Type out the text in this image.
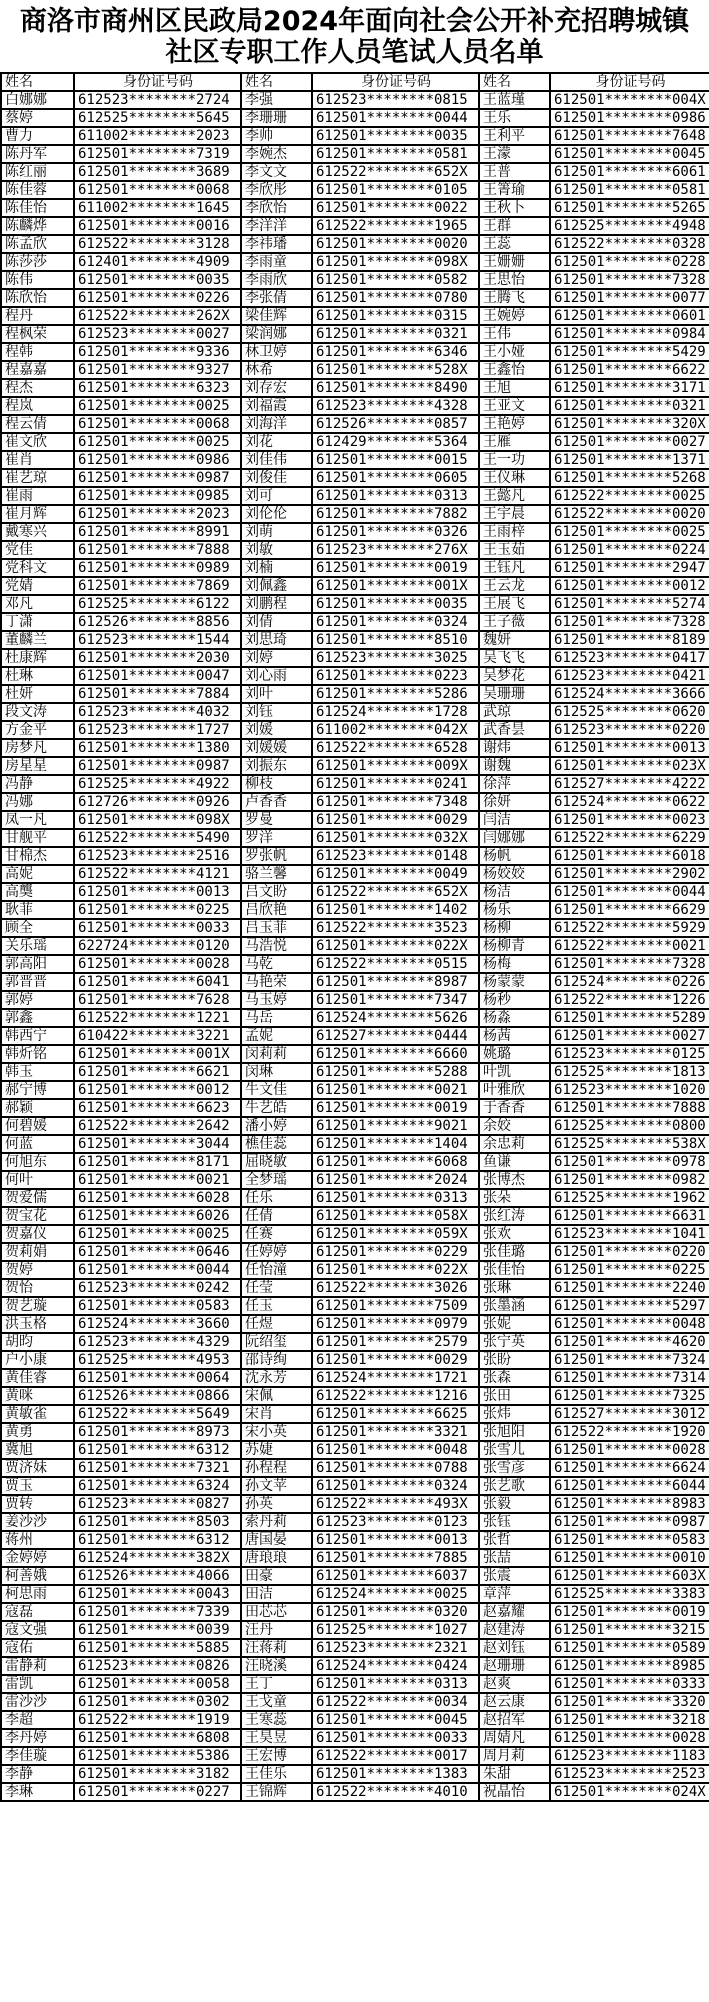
商洛市商州区民政局2024年面向社会公开补充招聘城镇
社区专职工作人员笔试人员名单
姓名	身份证号码	姓名	身份证号码	姓名	身份证号码
白娜娜	612523********2724	李强	612523********0815	王蓝瑾	612501********004X
蔡婷	612525********5645	李珊珊	612501********0044	王乐	612501********0986
曹力	611002********2023	李帅	612501********0035	王利平	612501********7648
陈丹军	612501********7319	李婉杰	612501********0581	王濛	612501********0045
陈红丽	612501********3689	李文文	612522********652X	王普	612501********6061
陈佳蓉	612501********0068	李欣彤	612501********0105	王箐瑜	612501********0581
陈佳怡	611002********1645	李欣怡	612501********0022	王秋卜	612501********5265
陈麟烨	612501********0016	李洋洋	612522********1965	王群	612525********4948
陈孟欣	612522********3128	李祎璠	612501********0020	王蕊	612522********0328
陈莎莎	612401********4909	李雨童	612501********098X	王姗姗	612501********0228
陈伟	612501********0035	李雨欣	612501********0582	王思怡	612501********7328
陈欣怡	612501********0226	李张倩	612501********0780	王腾飞	612501********0077
程丹	612522********262X	梁佳辉	612501********0315	王婉婷	612501********0601
程枫荣	612523********0027	梁润娜	612501********0321	王伟	612501********0984
程韩	612501********9336	林卫婷	612501********6346	王小娅	612501********5429
程嘉嘉	612501********9327	林希	612501********528X	王鑫怡	612501********6622
程杰	612501********6323	刘存宏	612501********8490	王旭	612501********3171
程岚	612501********0025	刘福霞	612523********4328	王亚文	612501********0321
程云倩	612501********0068	刘海洋	612526********0857	王艳婷	612501********320X
崔文欣	612501********0025	刘花	612429********5364	王雁	612501********0027
崔肖	612501********0986	刘佳伟	612501********0015	王一功	612501********1371
崔艺琼	612501********0987	刘俊佳	612501********0605	王仪琳	612501********5268
崔雨	612501********0985	刘可	612501********0313	王懿凡	612522********0025
崔月辉	612501********2023	刘伦伦	612501********7882	王宇晨	612522********0020
戴寒兴	612501********8991	刘萌	612501********0326	王雨梓	612501********0025
党佳	612501********7888	刘敏	612523********276X	王玉茹	612501********0224
党科文	612501********0989	刘楠	612501********0019	王钰凡	612501********2947
党婧	612501********7869	刘佩鑫	612501********001X	王云龙	612501********0012
邓凡	612525********6122	刘鹏程	612501********0035	王展飞	612501********5274
丁潇	612526********8856	刘倩	612501********0324	王子薇	612501********7328
董麟兰	612523********1544	刘思琦	612501********8510	魏妍	612501********8189
杜康辉	612501********2030	刘婷	612523********3025	吴飞飞	612523********0417
杜琳	612501********0047	刘心雨	612501********0223	吴梦花	612523********0421
杜妍	612501********7884	刘叶	612501********5286	吴珊珊	612524********3666
段文涛	612523********4032	刘钰	612524********1728	武琼	612525********0620
方金平	612523********1727	刘媛	611002********042X	武香昙	612523********0220
房梦凡	612501********1380	刘媛媛	612522********6528	谢炜	612501********0013
房星星	612501********0987	刘振东	612501********009X	谢魏	612501********023X
冯静	612525********4922	柳枝	612501********0241	徐萍	612527********4222
冯娜	612726********0926	卢香香	612501********7348	徐妍	612524********0622
凤一凡	612501********098X	罗曼	612501********0029	闫洁	612501********0023
甘舰平	612522********5490	罗洋	612501********032X	闫娜娜	612522********6229
甘棉杰	612523********2516	罗张帆	612523********0148	杨帆	612501********6018
高妮	612522********4121	骆兰馨	612501********0049	杨姣姣	612501********2902
高龑	612501********0013	吕文盼	612522********652X	杨洁	612501********0044
耿菲	612501********0225	吕欣艳	612501********1402	杨乐	612501********6629
顾全	612501********0033	吕玉菲	612522********3523	杨柳	612522********5929
关乐瑶	622724********0120	马浩悦	612501********022X	杨柳青	612522********0021
郭高阳	612501********0028	马乾	612522********0515	杨梅	612501********7328
郭晋晋	612501********6041	马艳荣	612501********8987	杨蒙蒙	612524********0226
郭婷	612501********7628	马玉婷	612501********7347	杨秒	612522********1226
郭鑫	612522********1221	马岳	612524********5626	杨淼	612501********5289
韩西宁	610422********3221	孟妮	612527********0444	杨茜	612501********0027
韩炘铭	612501********001X	闵莉莉	612501********6660	姚璐	612523********0125
韩玉	612501********6621	闵琳	612501********5288	叶凯	612525********1813
郝宁博	612501********0012	牛文佳	612501********0021	叶雅欣	612523********1020
郝颖	612501********6623	牛艺皓	612501********0019	于香香	612501********7888
何碧媛	612522********2642	潘小婷	612501********9021	余姣	612525********0800
何蓝	612501********3044	樵佳蕊	612501********1404	余忠莉	612525********538X
何旭东	612501********8171	屈晓敏	612501********6068	鱼谦	612501********0978
何叶	612501********0021	全梦瑶	612501********2024	张博杰	612501********0982
贺爱儒	612501********6028	任乐	612501********0313	张朵	612525********1962
贺宝花	612501********6026	任倩	612501********058X	张红涛	612501********6631
贺嘉仪	612501********0025	任赛	612501********059X	张欢	612523********1041
贺莉娟	612501********0646	任婷婷	612501********0229	张佳璐	612501********0220
贺婷	612501********0044	任怡潼	612501********022X	张佳怡	612501********0225
贺怡	612523********0242	任莹	612522********3026	张琳	612501********2240
贺艺璇	612501********0583	任玉	612501********7509	张墨涵	612501********5297
洪玉格	612524********3660	任煜	612501********0979	张妮	612501********0048
胡昀	612523********4329	阮绍玺	612501********2579	张宁英	612501********4620
户小康	612525********4953	邵诗绚	612501********0029	张盼	612501********7324
黄佳睿	612501********0064	沈永芳	612524********1721	张森	612501********7314
黄咪	612526********0866	宋佩	612522********1216	张田	612501********7325
黄敏雀	612522********5649	宋肖	612501********6625	张炜	612527********3012
黄勇	612501********8973	宋小英	612501********3321	张旭阳	612522********1920
冀旭	612501********6312	苏婕	612501********0048	张雪儿	612501********0028
贾济妹	612501********7321	孙程程	612501********0788	张雪彦	612501********6624
贾玉	612501********6324	孙文苹	612501********0324	张艺歌	612501********6044
贾转	612523********0827	孙英	612522********493X	张毅	612501********8983
姜沙沙	612501********8503	索丹莉	612523********0123	张钰	612501********0987
蒋州	612501********6312	唐国晏	612501********0013	张哲	612501********0583
金婷婷	612524********382X	唐琅琅	612501********7885	张喆	612501********0010
柯善娥	612526********4066	田豪	612501********6037	张震	612501********603X
柯思雨	612501********0043	田洁	612524********0025	章萍	612525********3383
寇磊	612501********7339	田芯芯	612501********0320	赵嘉耀	612501********0019
寇文强	612501********0039	汪丹	612525********1027	赵建涛	612501********3215
寇佑	612501********5885	汪蒋莉	612523********2321	赵刘钰	612501********0589
雷静莉	612523********0826	汪晓溪	612524********0424	赵珊珊	612501********8985
雷凯	612501********0058	王丁	612501********0313	赵爽	612501********0333
雷沙沙	612501********0302	王戈童	612522********0034	赵云康	612501********3320
李超	612522********1919	王寒蕊	612501********0045	赵招军	612501********3218
李丹婷	612501********6808	王昊昱	612501********0033	周婧凡	612501********0028
李佳璇	612501********5386	王宏博	612522********0017	周月莉	612523********1183
李静	612501********3182	王佳乐	612501********1383	朱甜	612523********2523
李琳	612501********0227	王锦辉	612522********4010	祝晶怡	612501********024X
